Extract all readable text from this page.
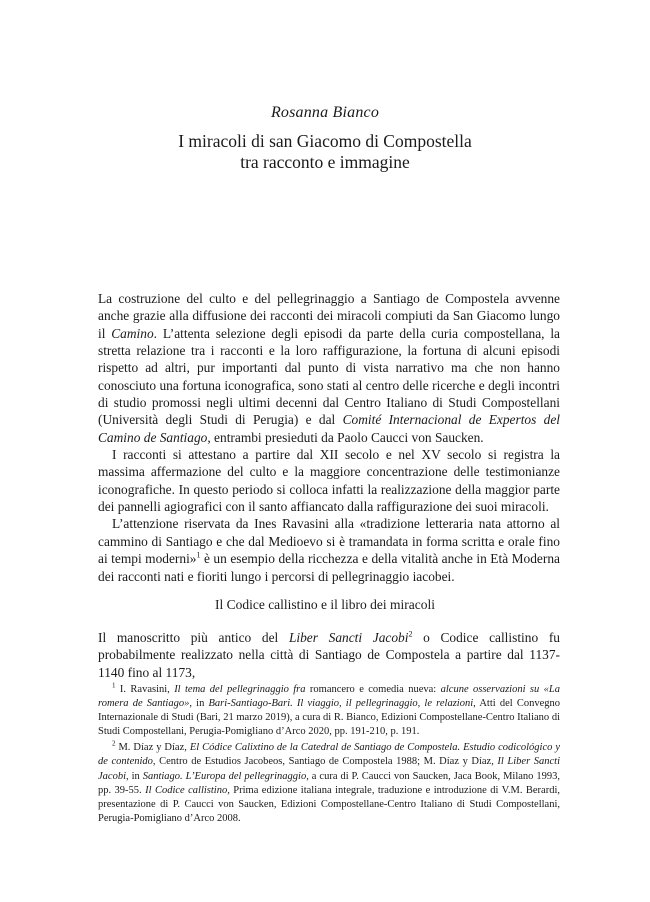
Rosanna Bianco
I miracoli di san Giacomo di Compostella
tra racconto e immagine

La costruzione del culto e del pellegrinaggio a Santiago de Compostela avvenne anche grazie alla diffusione dei racconti dei miracoli compiuti da San Giacomo lungo il Camino. L’attenta selezione degli episodi da parte della curia compostellana, la stretta relazione tra i racconti e la loro raffigurazione, la fortuna di alcuni episodi rispetto ad altri, pur importanti dal punto di vista narrativo ma che non hanno conosciuto una fortuna iconografica, sono stati al centro delle ricerche e degli incontri di studio promossi negli ultimi decenni dal Centro Italiano di Studi Compostellani (Università degli Studi di Perugia) e dal Comité Internacional de Expertos del Camino de Santiago, entrambi presieduti da Paolo Caucci von Saucken.

I racconti si attestano a partire dal XII secolo e nel XV secolo si registra la massima affermazione del culto e la maggiore concentrazione delle testimonianze iconografiche. In questo periodo si colloca infatti la realizzazione della maggior parte dei pannelli agiografici con il santo affiancato dalla raffigurazione dei suoi miracoli.

L’attenzione riservata da Ines Ravasini alla «tradizione letteraria nata attorno al cammino di Santiago e che dal Medioevo si è tramandata in forma scritta e orale fino ai tempi moderni»$^1$ è un esempio della ricchezza e della vitalità anche in Età Moderna dei racconti nati e fioriti lungo i percorsi di pellegrinaggio iacobei.

Il Codice callistino e il libro dei miracoli

Il manoscritto più antico del Liber Sancti Jacobi$^2$ o Codice callistino fu probabilmente realizzato nella città di Santiago de Compostela a partire dal 1137-1140 fino al 1173,

$^1$ I. Ravasini, Il tema del pellegrinaggio fra romancero e comedia nueva: alcune osservazioni su «La romera de Santiago», in Bari-Santiago-Bari. Il viaggio, il pellegrinaggio, le relazioni, Atti del Convegno Internazionale di Studi (Bari, 21 marzo 2019), a cura di R. Bianco, Edizioni Compostellane-Centro Italiano di Studi Compostellani, Perugia-Pomigliano d’Arco 2020, pp. 191-210, p. 191.

$^2$ M. Díaz y Díaz, El Códice Calixtino de la Catedral de Santiago de Compostela. Estudio codicológico y de contenido, Centro de Estudios Jacobeos, Santiago de Compostela 1988; M. Díaz y Díaz, Il Liber Sancti Jacobi, in Santiago. L’Europa del pellegrinaggio, a cura di P. Caucci von Saucken, Jaca Book, Milano 1993, pp. 39-55. Il Codice callistino, Prima edizione italiana integrale, traduzione e introduzione di V.M. Berardi, presentazione di P. Caucci von Saucken, Edizioni Compostellane-Centro Italiano di Studi Compostellani, Perugia-Pomigliano d’Arco 2008.
